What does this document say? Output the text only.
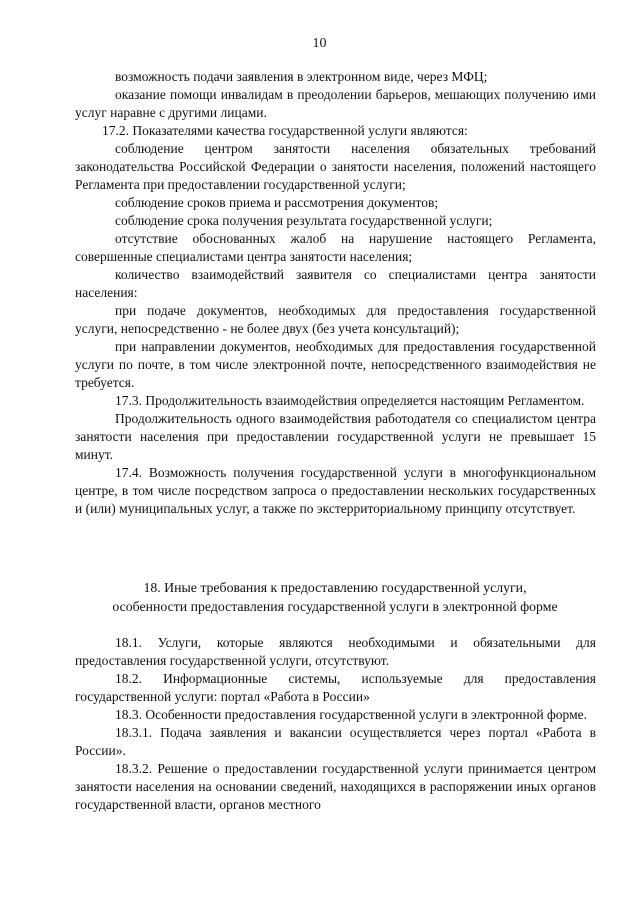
10

возможность подачи заявления в электронном виде, через МФЦ;

оказание помощи инвалидам в преодолении барьеров, мешающих получению ими услуг наравне с другими лицами.

17.2. Показателями качества государственной услуги являются:

соблюдение центром занятости населения обязательных требований законодательства Российской Федерации о занятости населения, положений настоящего Регламента при предоставлении государственной услуги;

соблюдение сроков приема и рассмотрения документов;

соблюдение срока получения результата государственной услуги;

отсутствие обоснованных жалоб на нарушение настоящего Регламента, совершенные специалистами центра занятости населения;

количество взаимодействий заявителя со специалистами центра занятости населения:

при подаче документов, необходимых для предоставления государственной услуги, непосредственно - не более двух (без учета консультаций);

при направлении документов, необходимых для предоставления государственной услуги по почте, в том числе электронной почте, непосредственного взаимодействия не требуется.

17.3. Продолжительность взаимодействия определяется настоящим Регламентом.

Продолжительность одного взаимодействия работодателя со специалистом центра занятости населения при предоставлении государственной услуги не превышает 15 минут.

17.4. Возможность получения государственной услуги в многофункциональном центре, в том числе посредством запроса о предоставлении нескольких государственных и (или) муниципальных услуг, а также по экстерриториальному принципу отсутствует.

18. Иные требования к предоставлению государственной услуги,
особенности предоставления государственной услуги в электронной форме

18.1. Услуги, которые являются необходимыми и обязательными для предоставления государственной услуги, отсутствуют.

18.2. Информационные системы, используемые для предоставления государственной услуги: портал «Работа в России»

18.3. Особенности предоставления государственной услуги в электронной форме.

18.3.1. Подача заявления и вакансии осуществляется через портал «Работа в России».

18.3.2. Решение о предоставлении государственной услуги принимается центром занятости населения на основании сведений, находящихся в распоряжении иных органов государственной власти, органов местного
